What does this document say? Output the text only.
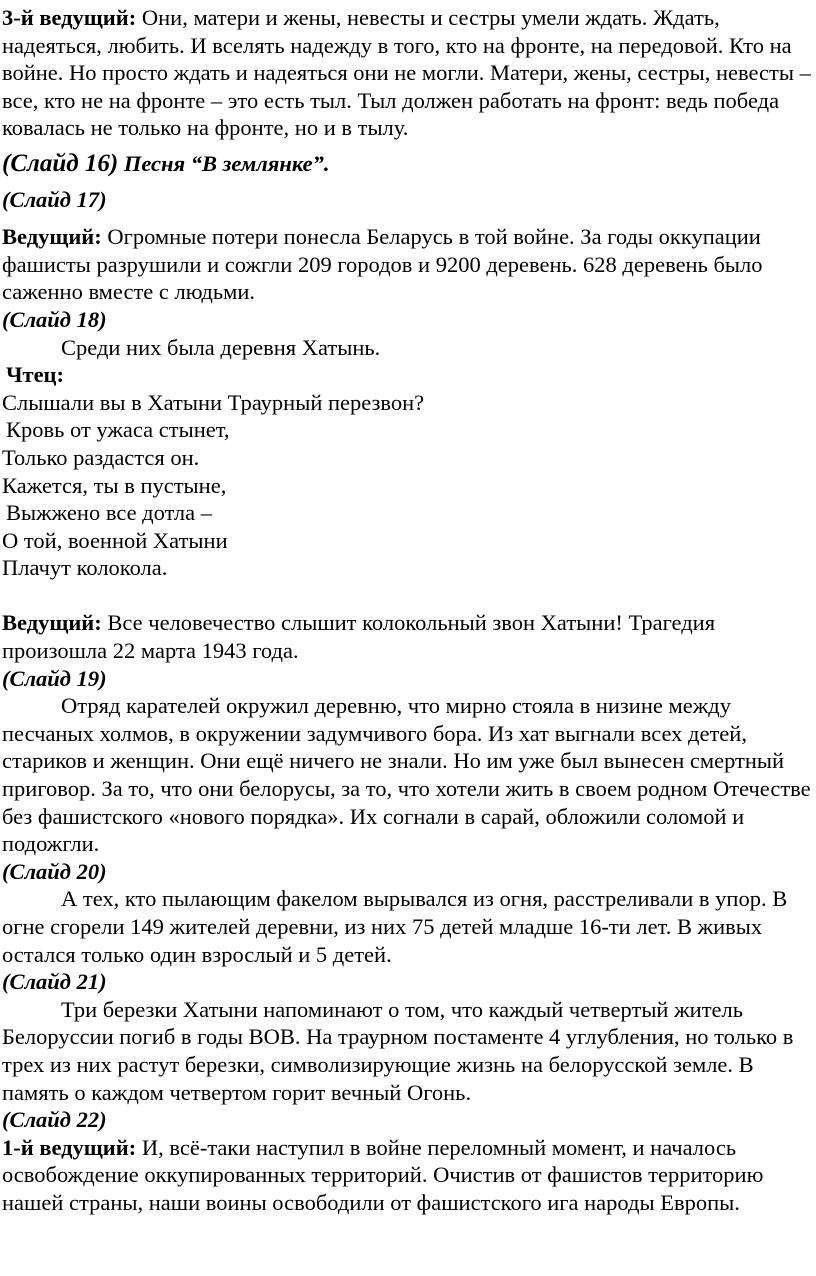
3-й ведущий: Они, матери и жены, невесты и сестры умели ждать. Ждать, надеяться, любить. И вселять надежду в того, кто на фронте, на передовой. Кто на войне. Но просто ждать и надеяться они не могли. Матери, жены, сестры, невесты – все, кто не на фронте – это есть тыл. Тыл должен работать на фронт: ведь победа ковалась не только на фронте, но и в тылу.

(Слайд 16) Песня “В землянке”.

(Слайд 17)

Ведущий: Огромные потери понесла Беларусь в той войне. За годы оккупации фашисты разрушили и сожгли 209 городов и 9200 деревень. 628 деревень было саженно вместе с людьми.

(Слайд 18)

Среди них была деревня Хатынь.

Чтец:

Слышали вы в Хатыни Траурный перезвон?

Кровь от ужаса стынет,

Только раздастся он.

Кажется, ты в пустыне,

Выжжено все дотла –

О той, военной Хатыни

Плачут колокола.

Ведущий: Все человечество слышит колокольный звон Хатыни! Трагедия произошла 22 марта 1943 года.

(Слайд 19)

Отряд карателей окружил деревню, что мирно стояла в низине между песчаных холмов, в окружении задумчивого бора. Из хат выгнали всех детей, стариков и женщин. Они ещё ничего не знали. Но им уже был вынесен смертный приговор. За то, что они белорусы, за то, что хотели жить в своем родном Отечестве без фашистского «нового порядка». Их согнали в сарай, обложили соломой и подожгли.

(Слайд 20)

А тех, кто пылающим факелом вырывался из огня, расстреливали в упор. В огне сгорели 149 жителей деревни, из них 75 детей младше 16-ти лет. В живых остался только один взрослый и 5 детей.

(Слайд 21)

Три березки Хатыни напоминают о том, что каждый четвертый житель Белоруссии погиб в годы ВОВ. На траурном постаменте 4 углубления, но только в трех из них растут березки, символизирующие жизнь на белорусской земле. В память о каждом четвертом горит вечный Огонь.

(Слайд 22)

1-й ведущий: И, всё-таки наступил в войне переломный момент, и началось освобождение оккупированных территорий. Очистив от фашистов территорию нашей страны, наши воины освободили от фашистского ига народы Европы.
